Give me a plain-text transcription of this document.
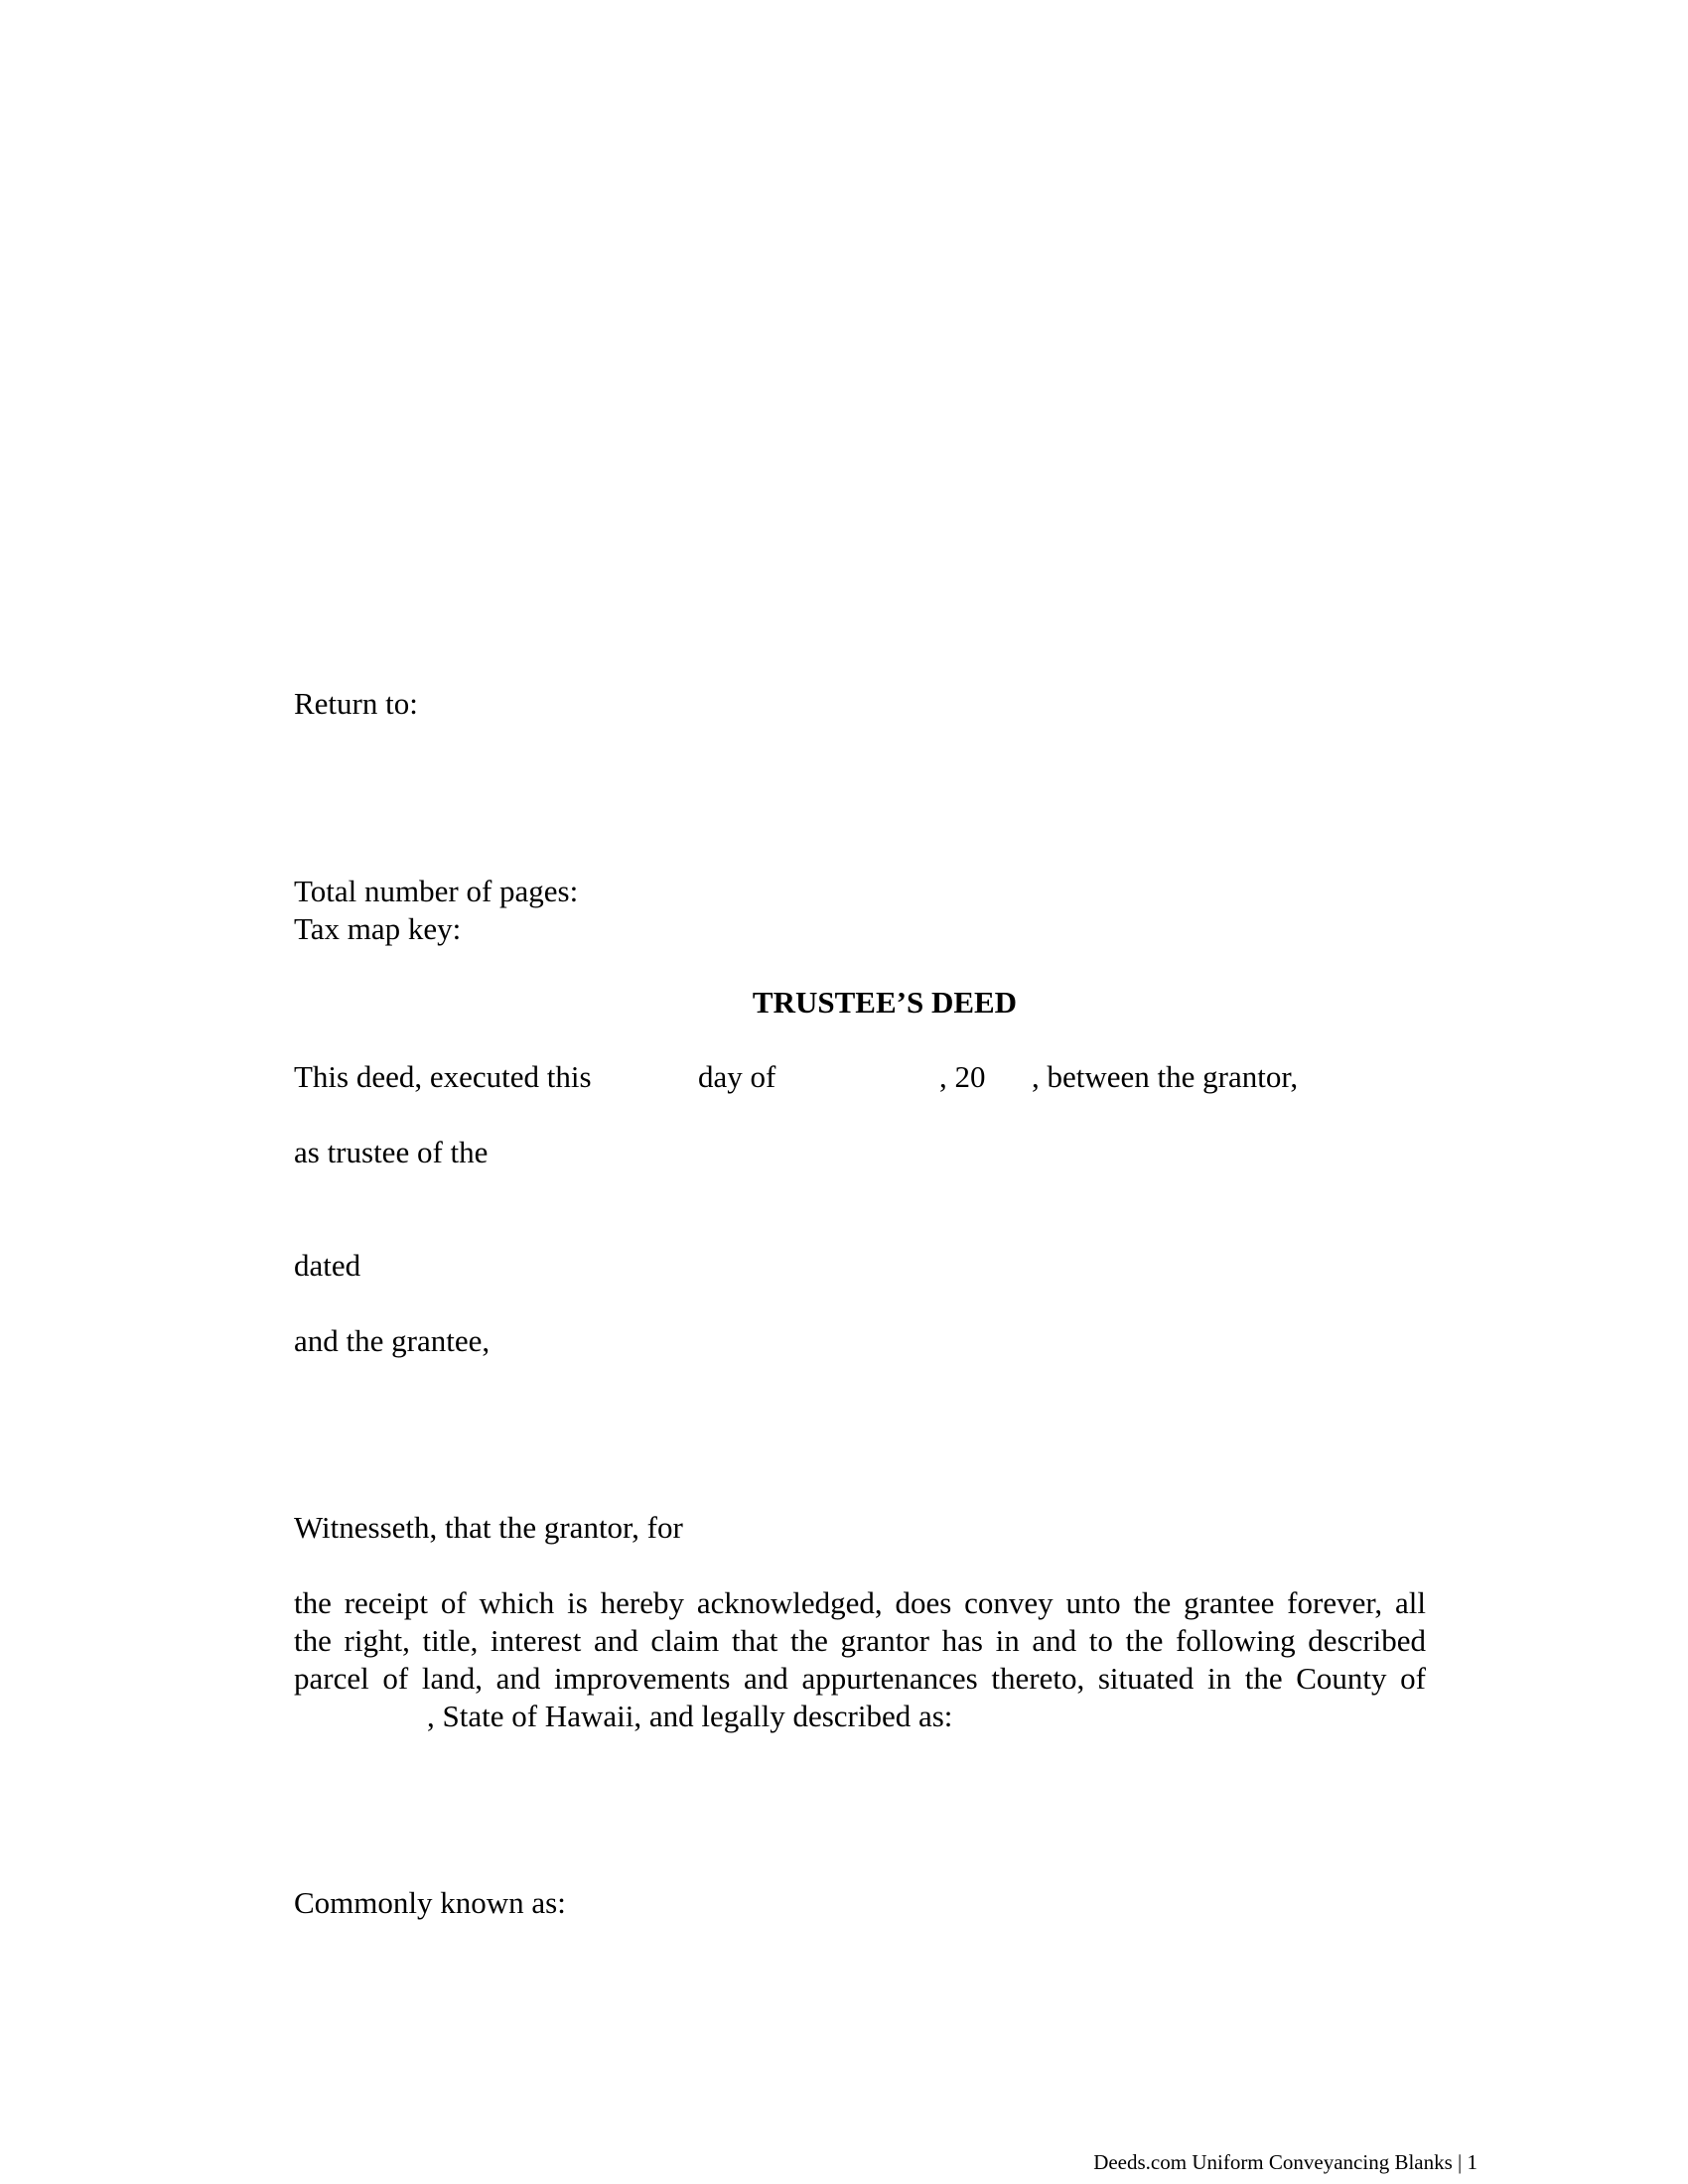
Return to:

Total number of pages:

Tax map key:

TRUSTEE’S DEED

This deed, executed this	day of	, 20 , between the grantor,

as trustee of the

dated

and the grantee,

Witnesseth, that the grantor, for

the receipt of which is hereby acknowledged, does convey unto the grantee forever, all
the right, title, interest and claim that the grantor has in and to the following described
parcel of land, and improvements and appurtenances thereto, situated in the County of
, State of Hawaii, and legally described as:

Commonly known as:

Deeds.com Uniform Conveyancing Blanks | 1
